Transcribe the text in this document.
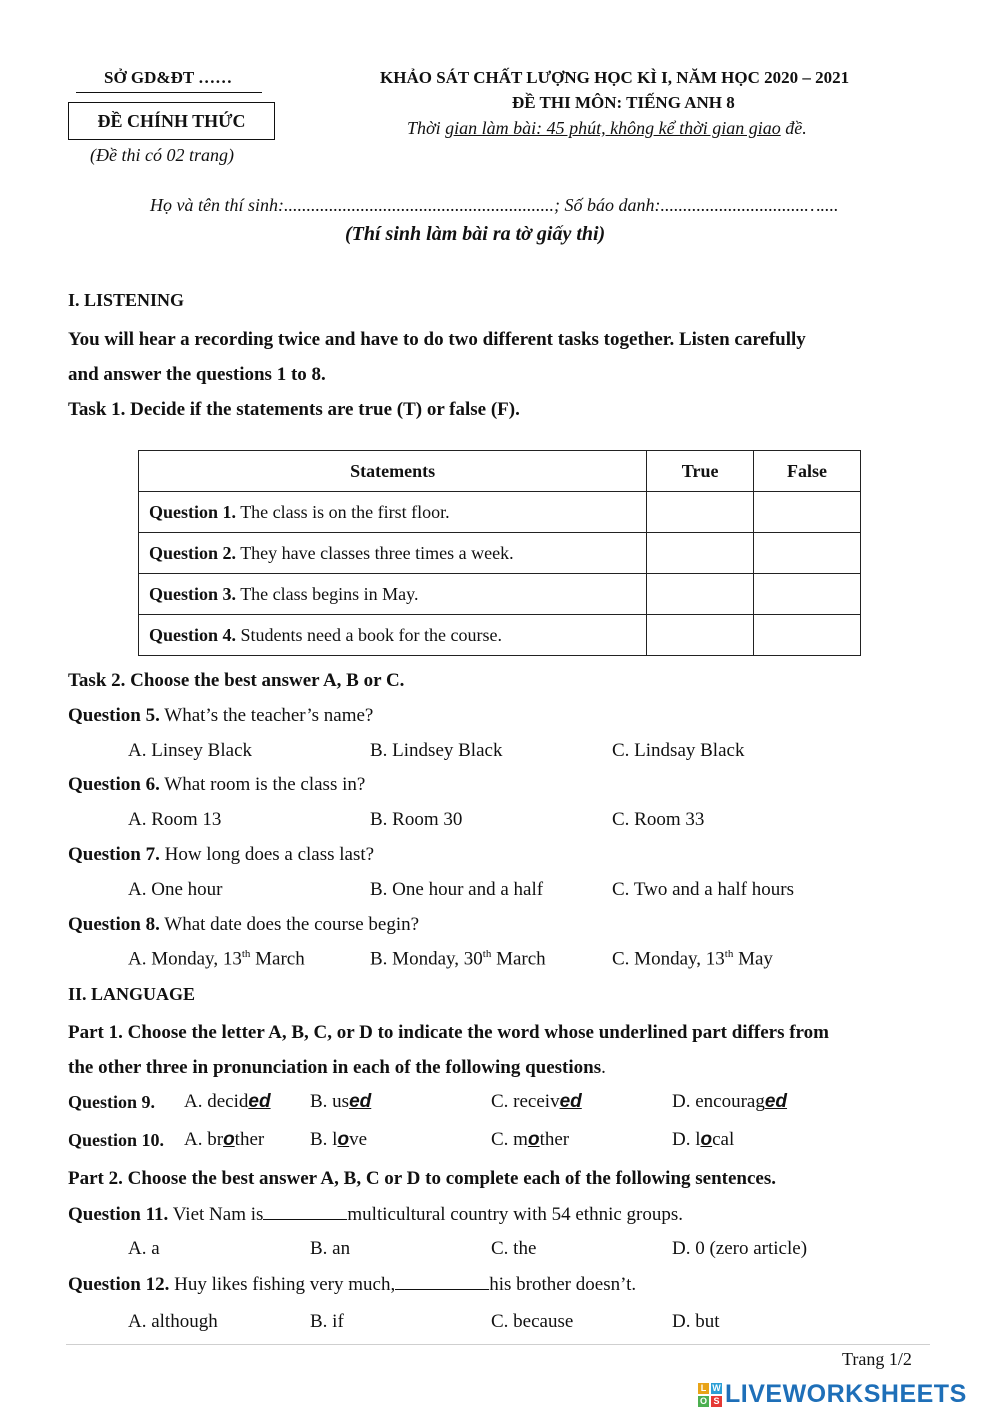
SỞ GD&ĐT ……
ĐỀ CHÍNH THỨC
(Đề thi có 02 trang)
KHẢO SÁT CHẤT LƯỢNG HỌC KÌ I, NĂM HỌC 2020 – 2021
ĐỀ THI MÔN: TIẾNG ANH 8
Thời gian làm bài: 45 phút, không kể thời gian giao đề.
Họ và tên thí sinh:............................................................; Số báo danh:................................…....
(Thí sinh làm bài ra tờ giấy thi)
I. LISTENING
You will hear a recording twice and have to do two different tasks together. Listen carefully
and answer the questions 1 to 8.
Task 1. Decide if the statements are true (T) or false (F).
Statements	True	False
Question 1. The class is on the first floor.		
Question 2. They have classes three times a week.		
Question 3. The class begins in May.		
Question 4. Students need a book for the course.		
Task 2. Choose the best answer A, B or C.
Question 5. What’s the teacher’s name?
A. Linsey Black	B. Lindsey Black	C. Lindsay Black
Question 6. What room is the class in?
A. Room 13	B. Room 30	C. Room 33
Question 7. How long does a class last?
A. One hour	B. One hour and a half	C. Two and a half hours
Question 8. What date does the course begin?
A. Monday, 13th March	B. Monday, 30th March	C. Monday, 13th May
II. LANGUAGE
Part 1. Choose the letter A, B, C, or D to indicate the word whose underlined part differs from
the other three in pronunciation in each of the following questions.
Question 9. A. decided B. used	C. received	D. encouraged
Question 10. A. brother B. love	C. mother	D. local
Part 2. Choose the best answer A, B, C or D to complete each of the following sentences.
Question 11. Viet Nam is	multicultural country with 54 ethnic groups.
A. a	B. an	C. the	D. 0 (zero article)
Question 12. Huy likes fishing very much,	his brother doesn’t.
A. although	B. if	C. because	D. but
Trang 1/2
L W
O S LIVEWORKSHEETS
